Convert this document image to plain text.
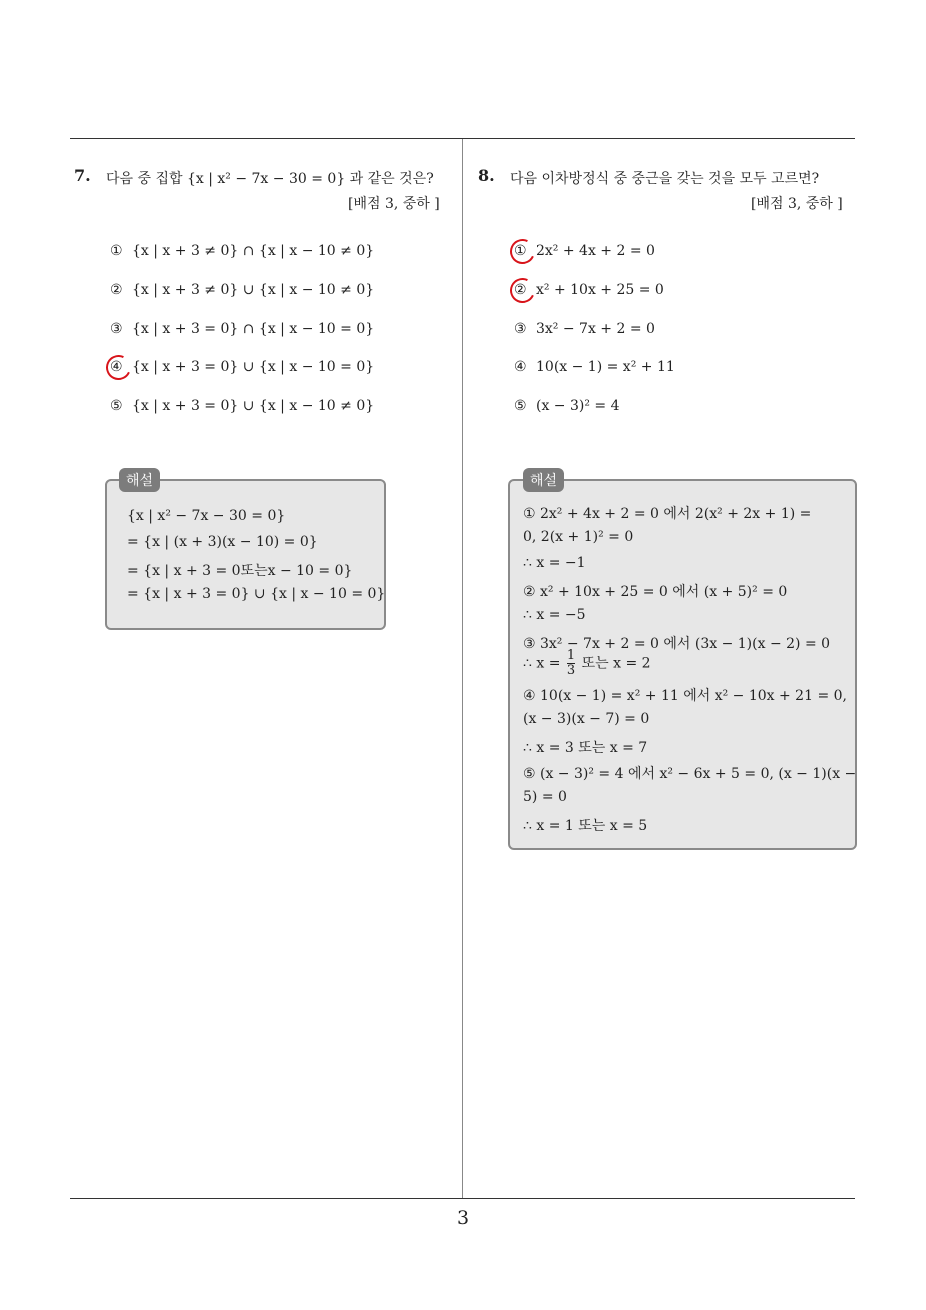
7. 다음 중 집합 {x | x² − 7x − 30 = 0} 과 같은 것은?
[배점 3, 중하 ]
① {x | x + 3 ≠ 0} ∩ {x | x − 10 ≠ 0}
② {x | x + 3 ≠ 0} ∪ {x | x − 10 ≠ 0}
③ {x | x + 3 = 0} ∩ {x | x − 10 = 0}
④ {x | x + 3 = 0} ∪ {x | x − 10 = 0}
⑤ {x | x + 3 = 0} ∪ {x | x − 10 ≠ 0}
{x | x² − 7x − 30 = 0}
= {x | (x + 3)(x − 10) = 0}
= {x | x + 3 = 0또는x − 10 = 0}
= {x | x + 3 = 0} ∪ {x | x − 10 = 0}
해설
8. 다음 이차방정식 중 중근을 갖는 것을 모두 고르면?
[배점 3, 중하 ]
① 2x² + 4x + 2 = 0
② x² + 10x + 25 = 0
③ 3x² − 7x + 2 = 0
④ 10(x − 1) = x² + 11
⑤ (x − 3)² = 4
① 2x² + 4x + 2 = 0 에서 2(x² + 2x + 1) =
0, 2(x + 1)² = 0
∴ x = −1
② x² + 10x + 25 = 0 에서 (x + 5)² = 0
∴ x = −5
③ 3x² − 7x + 2 = 0 에서 (3x − 1)(x − 2) = 0
∴ $x = \frac{1}{3}$ 또는 x = 2
④ 10(x − 1) = x² + 11 에서 x² − 10x + 21 = 0,
(x − 3)(x − 7) = 0
∴ x = 3 또는 x = 7
⑤ (x − 3)² = 4 에서 x² − 6x + 5 = 0, (x − 1)(x −
5) = 0
∴ x = 1 또는 x = 5
해설
3
